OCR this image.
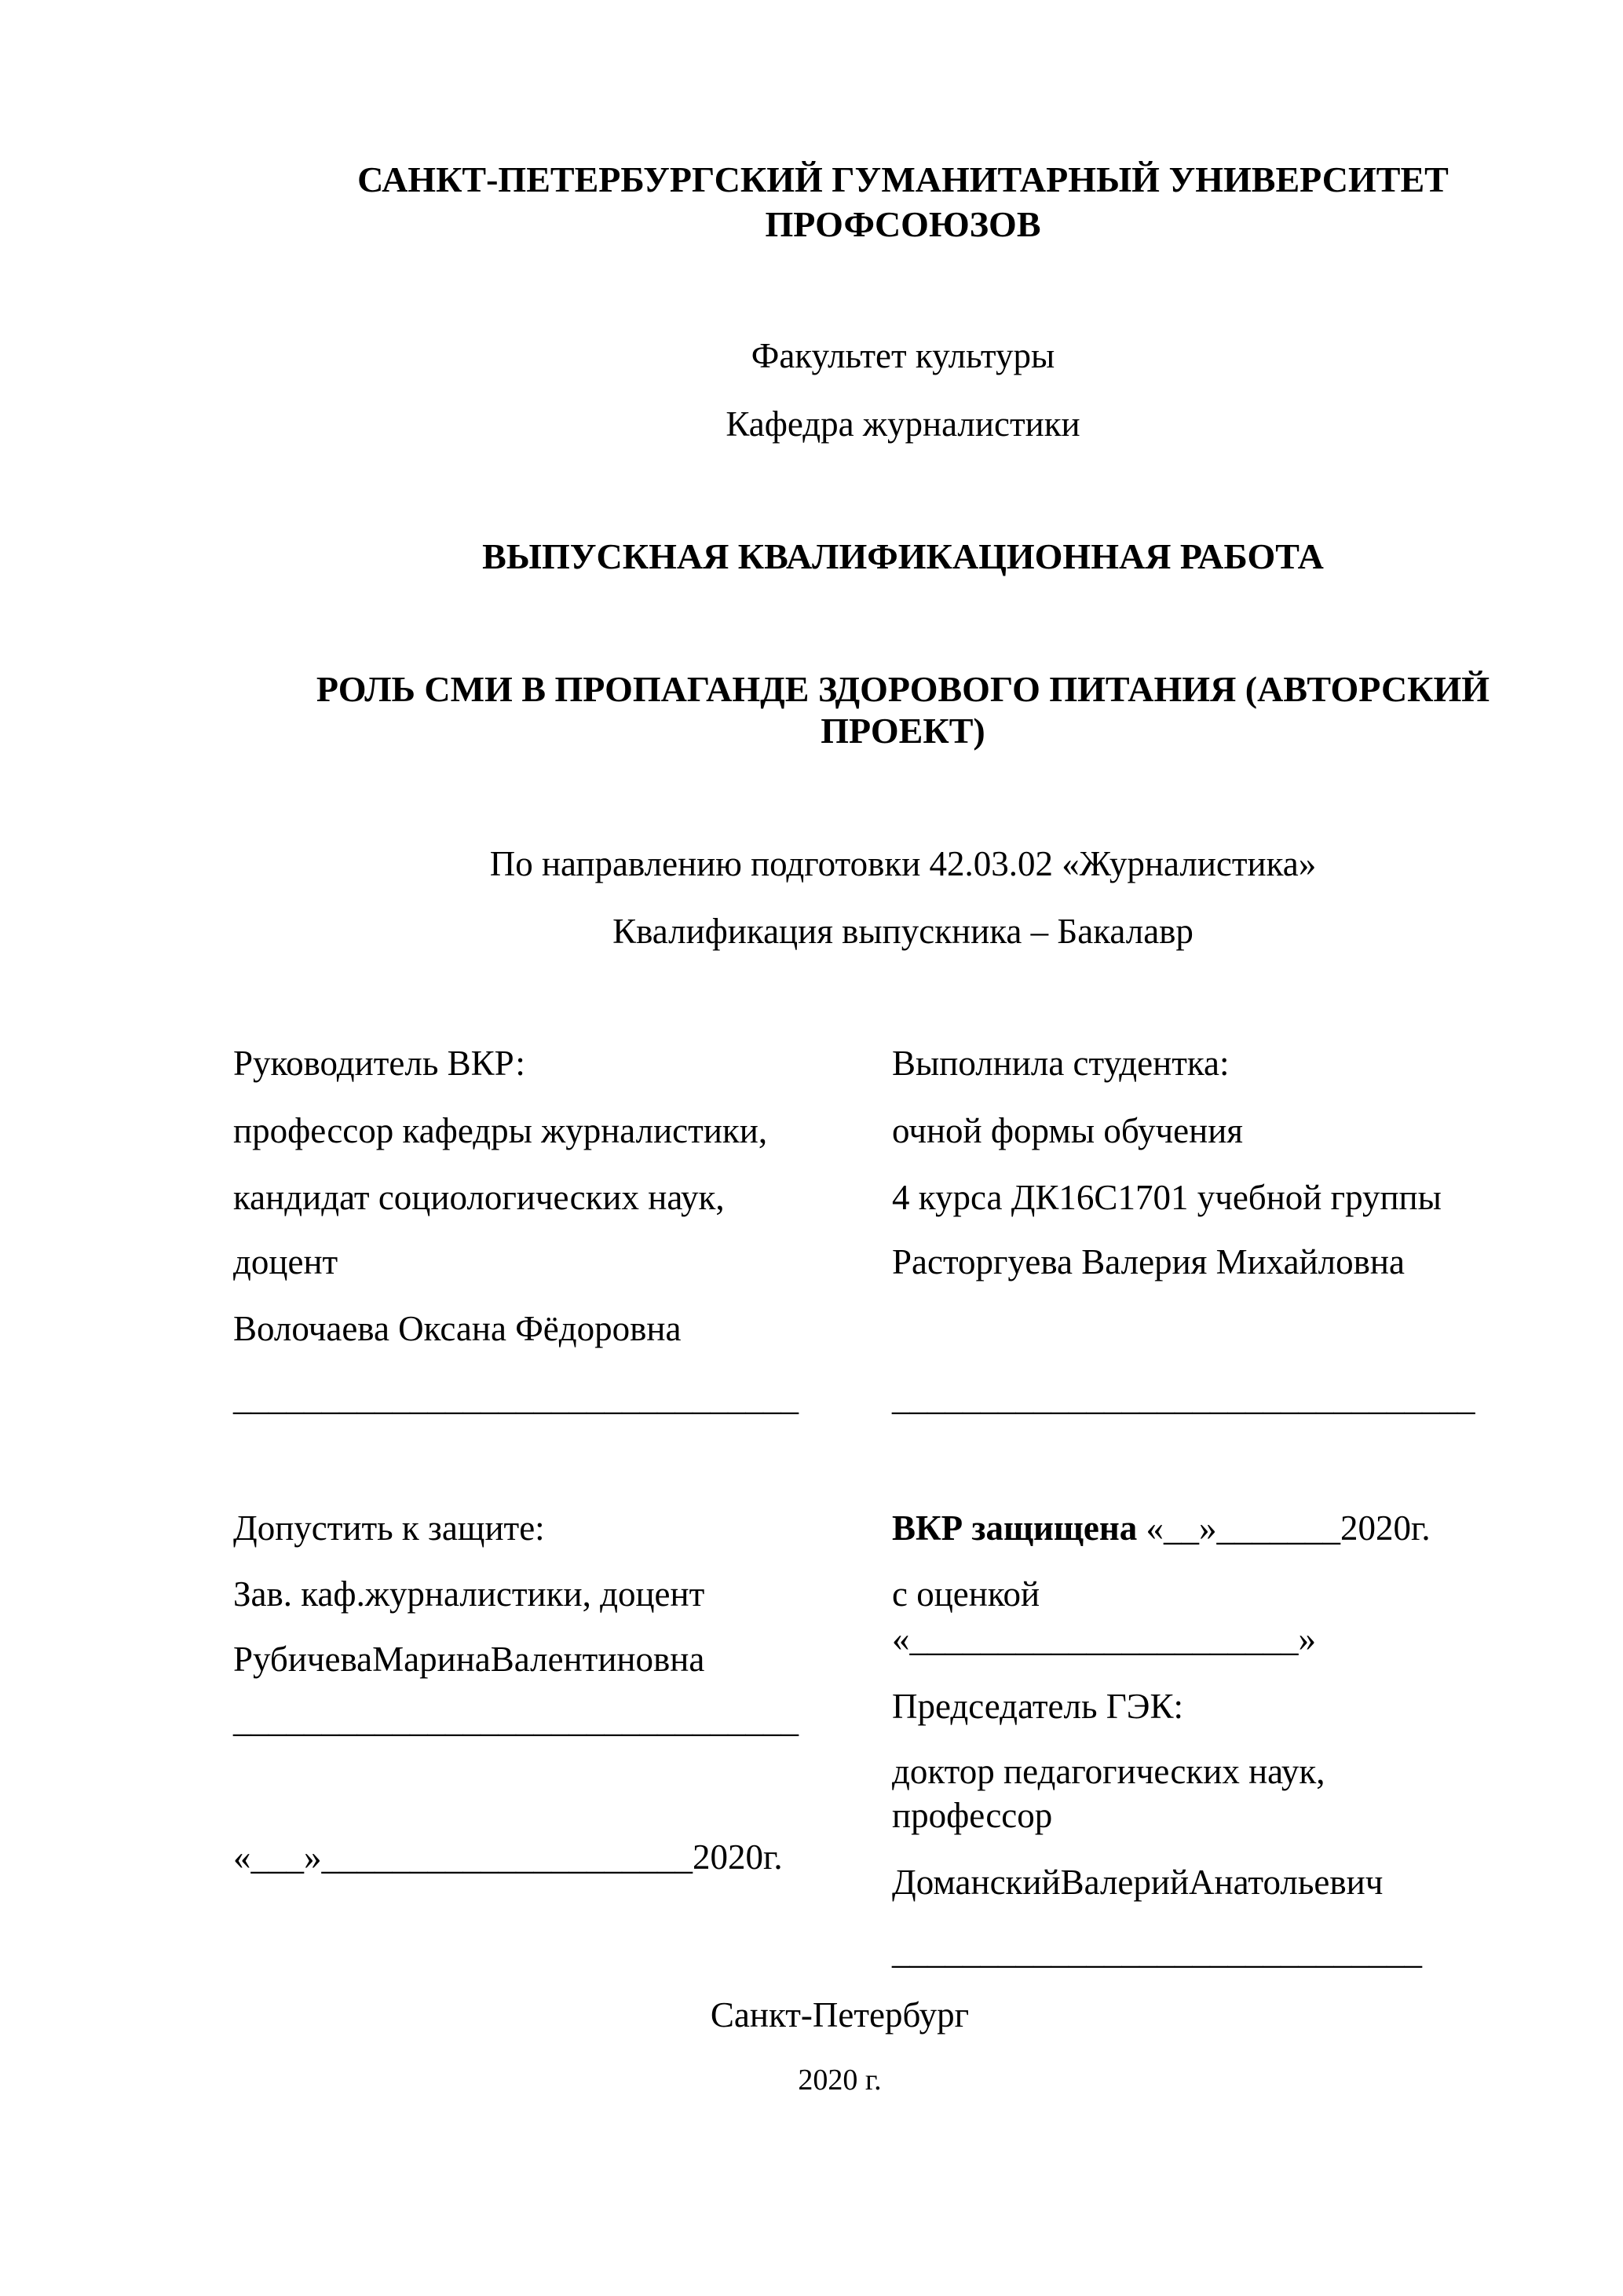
САНКТ-ПЕТЕРБУРГСКИЙ ГУМАНИТАРНЫЙ УНИВЕРСИТЕТ
ПРОФСОЮЗОВ
Факультет культуры
Кафедра журналистики
ВЫПУСКНАЯ КВАЛИФИКАЦИОННАЯ РАБОТА
РОЛЬ СМИ В ПРОПАГАНДЕ ЗДОРОВОГО ПИТАНИЯ (АВТОРСКИЙ
ПРОЕКТ)
По направлению подготовки 42.03.02 «Журналистика»
Квалификация выпускника – Бакалавр
Руководитель ВКР:
профессор кафедры журналистики,
кандидат социологических наук,
доцент
Волочаева Оксана Фёдоровна
________________________________
Выполнила студентка:
очной формы обучения
4 курса ДК16С1701 учебной группы
Расторгуева Валерия Михайловна
_________________________________
Допустить к защите:
Зав. каф.журналистики, доцент
РубичеваМаринаВалентиновна
________________________________
«___»_____________________2020г.
ВКР защищена «__»_______2020г.
с оценкой
«______________________»
Председатель ГЭК:
доктор педагогических наук,
профессор
ДоманскийВалерийАнатольевич
______________________________
Санкт-Петербург
2020 г.
